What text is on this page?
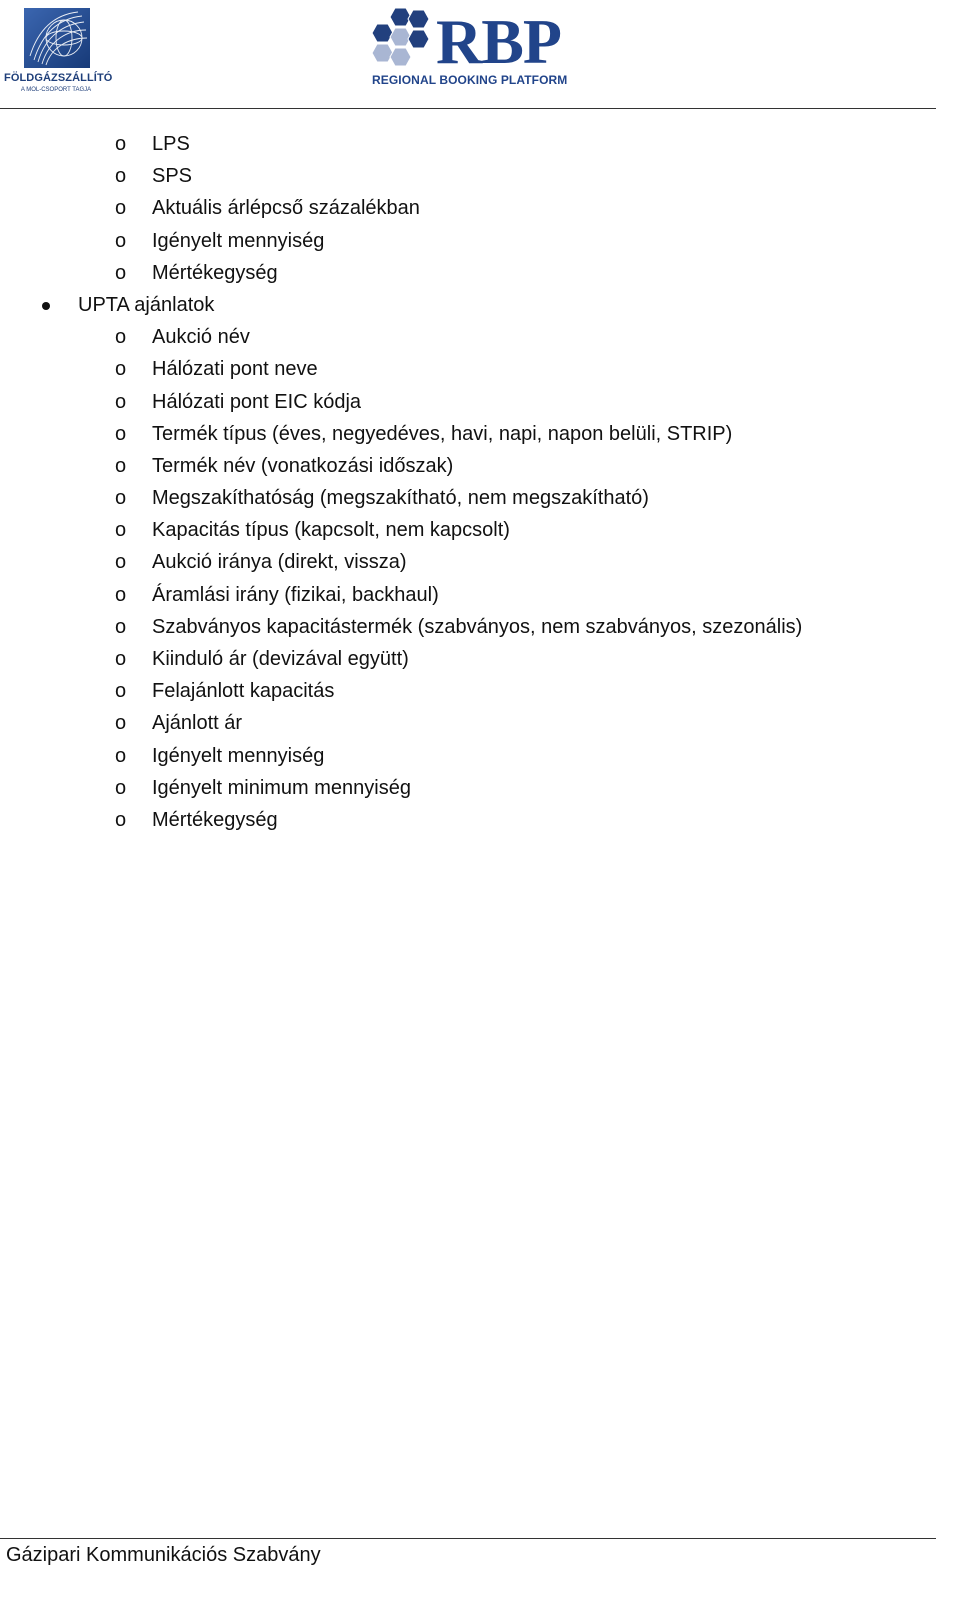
FÖLDGÁZSZÁLLÍTÓ
A MOL-CSOPORT TAGJA
RBP
REGIONAL BOOKING PLATFORM
o LPS
o SPS
o Aktuális árlépcső százalékban
o Igényelt mennyiség
o Mértékegység
UPTA ajánlatok
o Aukció név
o Hálózati pont neve
o Hálózati pont EIC kódja
o Termék típus (éves, negyedéves, havi, napi, napon belüli, STRIP)
o Termék név (vonatkozási időszak)
o Megszakíthatóság (megszakítható, nem megszakítható)
o Kapacitás típus (kapcsolt, nem kapcsolt)
o Aukció iránya (direkt, vissza)
o Áramlási irány (fizikai, backhaul)
o Szabványos kapacitástermék (szabványos, nem szabványos, szezonális)
o Kiinduló ár (devizával együtt)
o Felajánlott kapacitás
o Ajánlott ár
o Igényelt mennyiség
o Igényelt minimum mennyiség
o Mértékegység
Gázipari Kommunikációs Szabvány
